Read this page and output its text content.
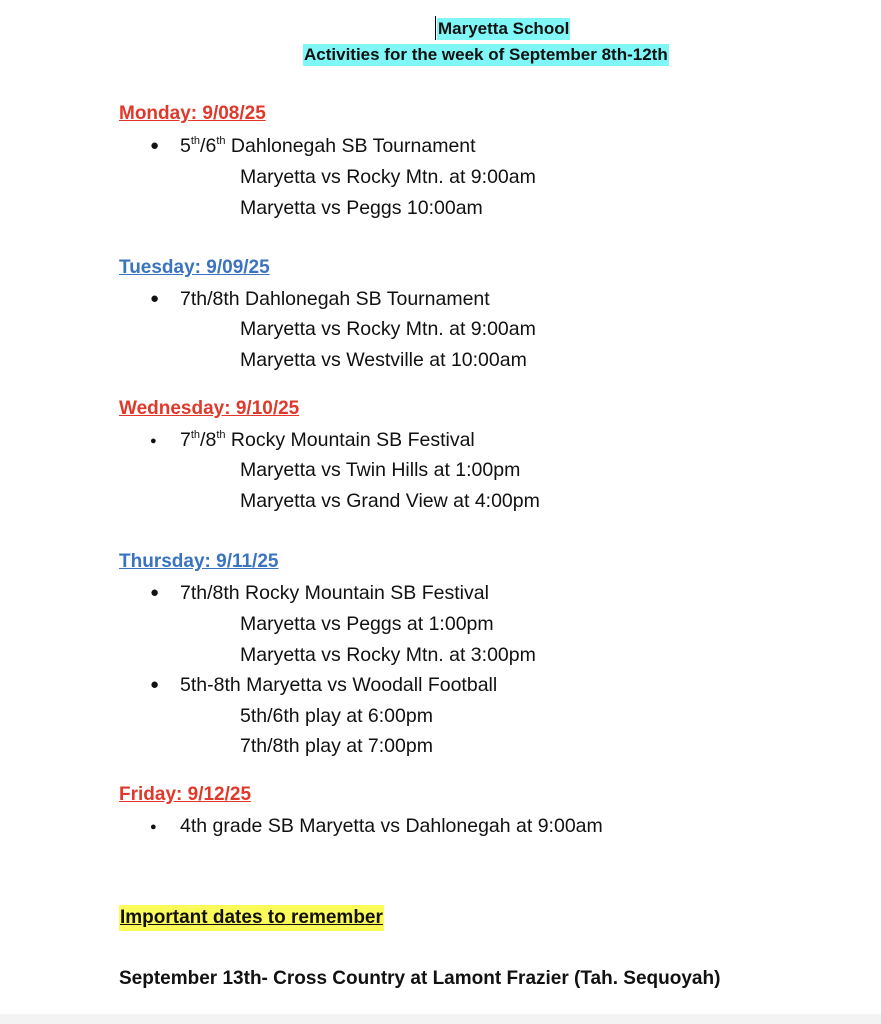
Maryetta School
Activities for the week of September 8th-12th
Monday: 9/08/25
● 5th/6th Dahlonegah SB Tournament
Maryetta vs Rocky Mtn. at 9:00am
Maryetta vs Peggs 10:00am
Tuesday: 9/09/25
● 7th/8th Dahlonegah SB Tournament
Maryetta vs Rocky Mtn. at 9:00am
Maryetta vs Westville at 10:00am
Wednesday: 9/10/25
● 7th/8th Rocky Mountain SB Festival
Maryetta vs Twin Hills at 1:00pm
Maryetta vs Grand View at 4:00pm
Thursday: 9/11/25
● 7th/8th Rocky Mountain SB Festival
Maryetta vs Peggs at 1:00pm
Maryetta vs Rocky Mtn. at 3:00pm
● 5th-8th Maryetta vs Woodall Football
5th/6th play at 6:00pm
7th/8th play at 7:00pm
Friday: 9/12/25
● 4th grade SB Maryetta vs Dahlonegah at 9:00am
Important dates to remember
September 13th- Cross Country at Lamont Frazier (Tah. Sequoyah)
